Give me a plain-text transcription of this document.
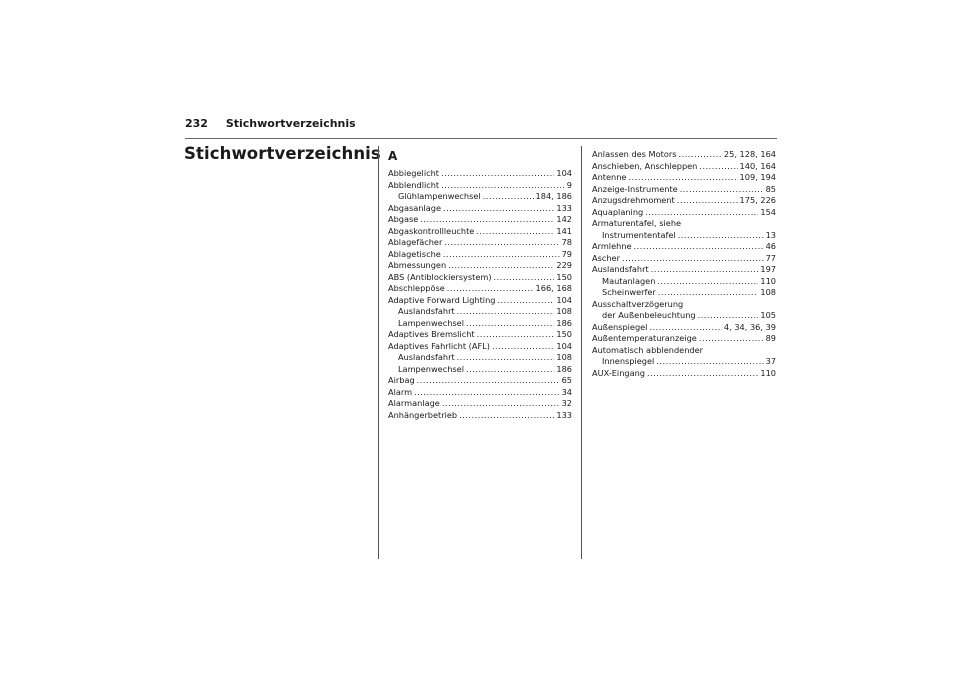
232 Stichwortverzeichnis
Stichwortverzeichnis A
Abbiegelicht .....	104
Abblendlicht .....	9
Glühlampenwechsel .....	184, 186
Abgasanlage .....	133
Abgase .....	142
Abgaskontrollleuchte .....	141
Ablagefächer .....	78
Ablagetische .....	79
Abmessungen .....	229
ABS (Antiblockiersystem) .....	150
Abschleppöse .....	166, 168
Adaptive Forward Lighting .....	104
Auslandsfahrt .....	108
Lampenwechsel .....	186
Adaptives Bremslicht .....	150
Adaptives Fahrlicht (AFL) .....	104
Auslandsfahrt .....	108
Lampenwechsel .....	186
Airbag .....	65
Alarm .....	34
Alarmanlage .....	32
Anhängerbetrieb .....	133
Anlassen des Motors .....	25, 128, 164
Anschieben, Anschleppen .....	140, 164
Antenne .....	109, 194
Anzeige-Instrumente .....	85
Anzugsdrehmoment .....	175, 226
Aquaplaning .....	154
Armaturentafel, siehe
Instrumententafel .....	13
Armlehne .....	46
Ascher .....	77
Auslandsfahrt .....	197
Mautanlagen .....	110
Scheinwerfer .....	108
Ausschaltverzögerung
der Außenbeleuchtung .....	105
Außenspiegel .....	4, 34, 36, 39
Außentemperaturanzeige .....	89
Automatisch abblendender
Innenspiegel .....	37
AUX-Eingang .....	110
